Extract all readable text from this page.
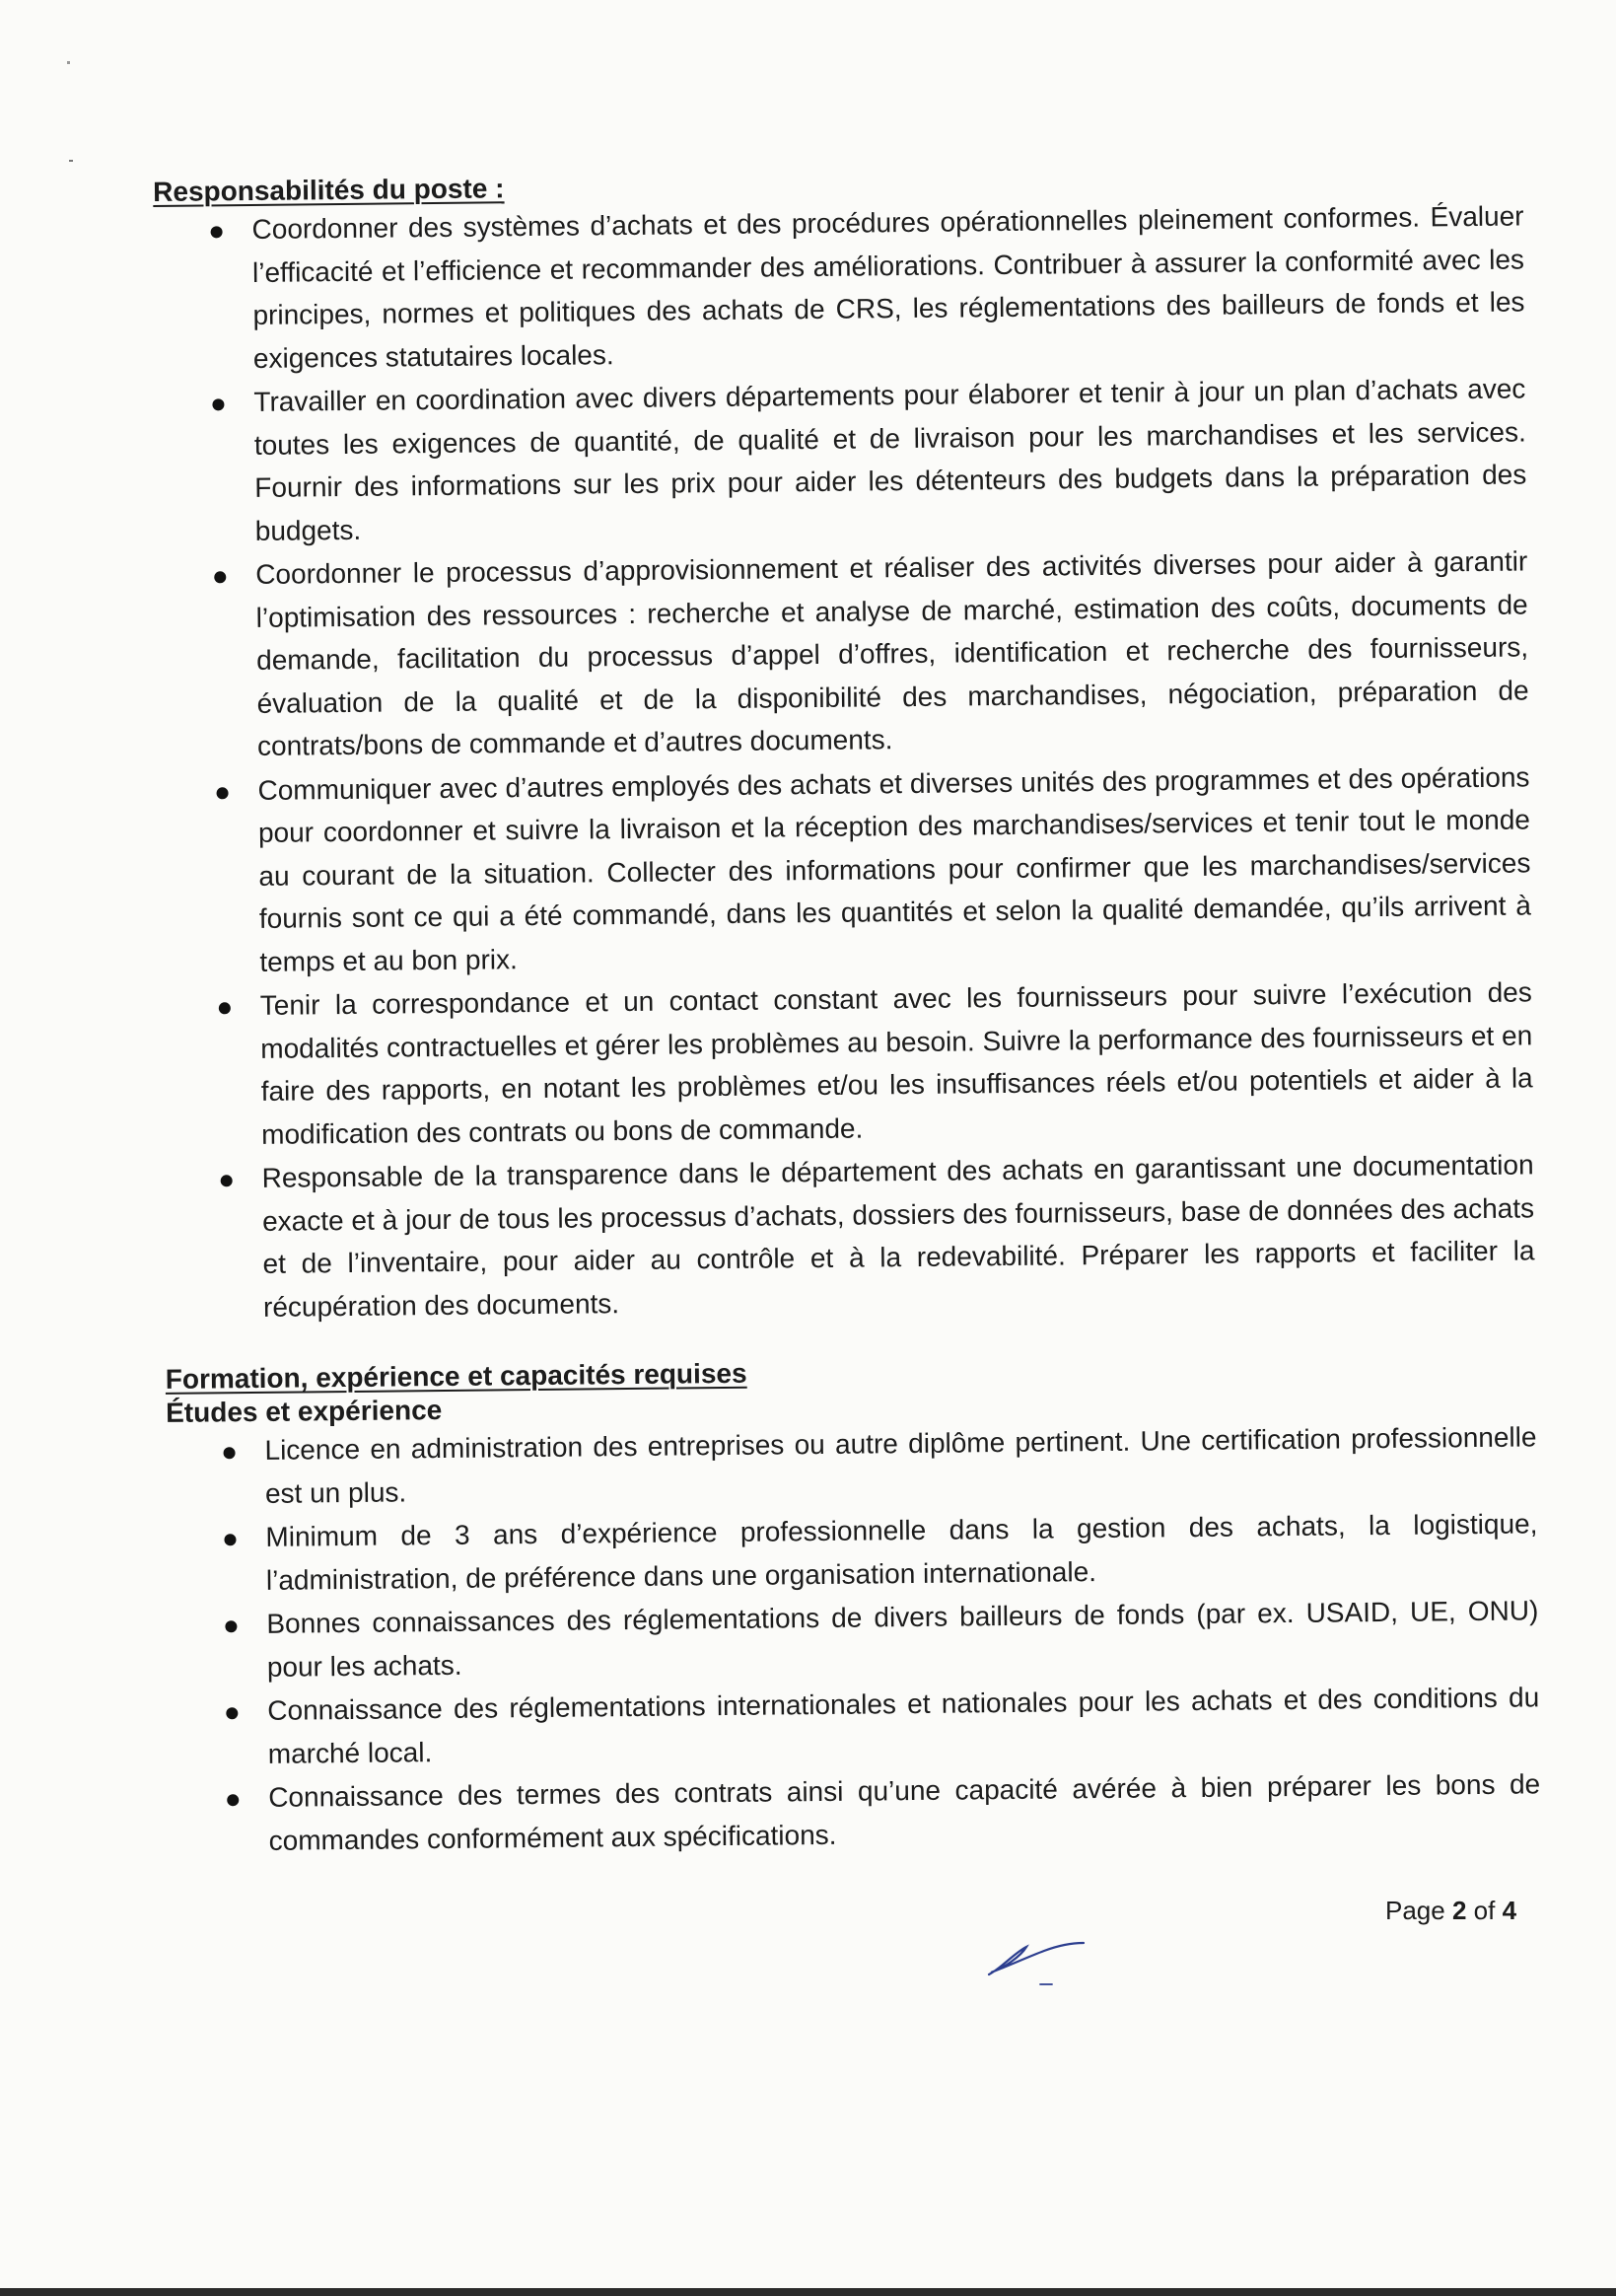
Responsabilités du poste :

Coordonner des systèmes d’achats et des procédures opérationnelles pleinement conformes. Évaluer l’efficacité et l’efficience et recommander des améliorations. Contribuer à assurer la conformité avec les principes, normes et politiques des achats de CRS, les réglementations des bailleurs de fonds et les exigences statutaires locales.
Travailler en coordination avec divers départements pour élaborer et tenir à jour un plan d’achats avec toutes les exigences de quantité, de qualité et de livraison pour les marchandises et les services. Fournir des informations sur les prix pour aider les détenteurs des budgets dans la préparation des budgets.
Coordonner le processus d’approvisionnement et réaliser des activités diverses pour aider à garantir l’optimisation des ressources : recherche et analyse de marché, estimation des coûts, documents de demande, facilitation du processus d’appel d’offres, identification et recherche des fournisseurs, évaluation de la qualité et de la disponibilité des marchandises, négociation, préparation de contrats/bons de commande et d’autres documents.
Communiquer avec d’autres employés des achats et diverses unités des programmes et des opérations pour coordonner et suivre la livraison et la réception des marchandises/services et tenir tout le monde au courant de la situation. Collecter des informations pour confirmer que les marchandises/services fournis sont ce qui a été commandé, dans les quantités et selon la qualité demandée, qu’ils arrivent à temps et au bon prix.
Tenir la correspondance et un contact constant avec les fournisseurs pour suivre l’exécution des modalités contractuelles et gérer les problèmes au besoin. Suivre la performance des fournisseurs et en faire des rapports, en notant les problèmes et/ou les insuffisances réels et/ou potentiels et aider à la modification des contrats ou bons de commande.
Responsable de la transparence dans le département des achats en garantissant une documentation exacte et à jour de tous les processus d’achats, dossiers des fournisseurs, base de données des achats et de l’inventaire, pour aider au contrôle et à la redevabilité. Préparer les rapports et faciliter la récupération des documents.

Formation, expérience et capacités requises

Études et expérience

Licence en administration des entreprises ou autre diplôme pertinent. Une certification professionnelle est un plus.
Minimum de 3 ans d’expérience professionnelle dans la gestion des achats, la logistique, l’administration, de préférence dans une organisation internationale.
Bonnes connaissances des réglementations de divers bailleurs de fonds (par ex. USAID, UE, ONU) pour les achats.
Connaissance des réglementations internationales et nationales pour les achats et des conditions du marché local.
Connaissance des termes des contrats ainsi qu’une capacité avérée à bien préparer les bons de commandes conformément aux spécifications.
Page 2 of 4
